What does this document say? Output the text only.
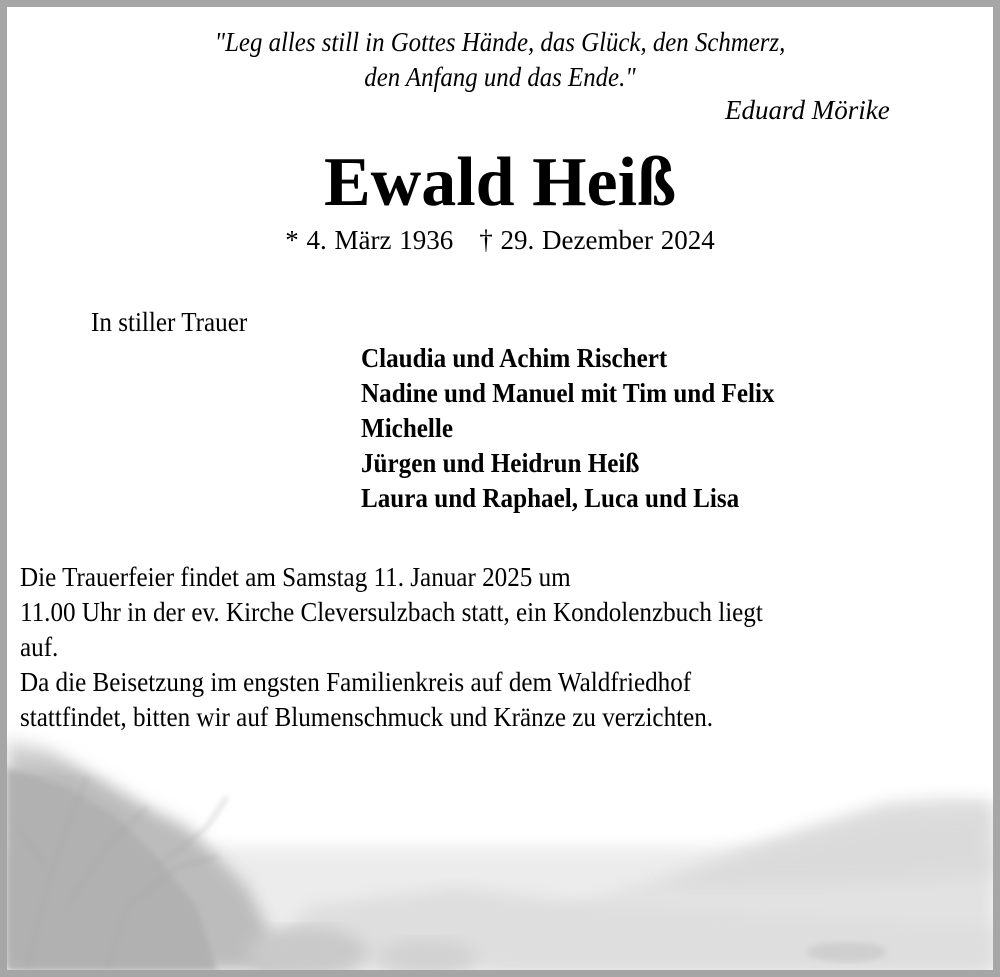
"Leg alles still in Gottes Hände, das Glück, den Schmerz,
den Anfang und das Ende."
Eduard Mörike
Ewald Heiß
* 4. März 1936 † 29. Dezember 2024
In stiller Trauer
Claudia und Achim Rischert
Nadine und Manuel mit Tim und Felix
Michelle
Jürgen und Heidrun Heiß
Laura und Raphael, Luca und Lisa
Die Trauerfeier findet am Samstag 11. Januar 2025 um
11.00 Uhr in der ev. Kirche Cleversulzbach statt, ein Kondolenzbuch liegt
auf.
Da die Beisetzung im engsten Familienkreis auf dem Waldfriedhof
stattfindet, bitten wir auf Blumenschmuck und Kränze zu verzichten.
